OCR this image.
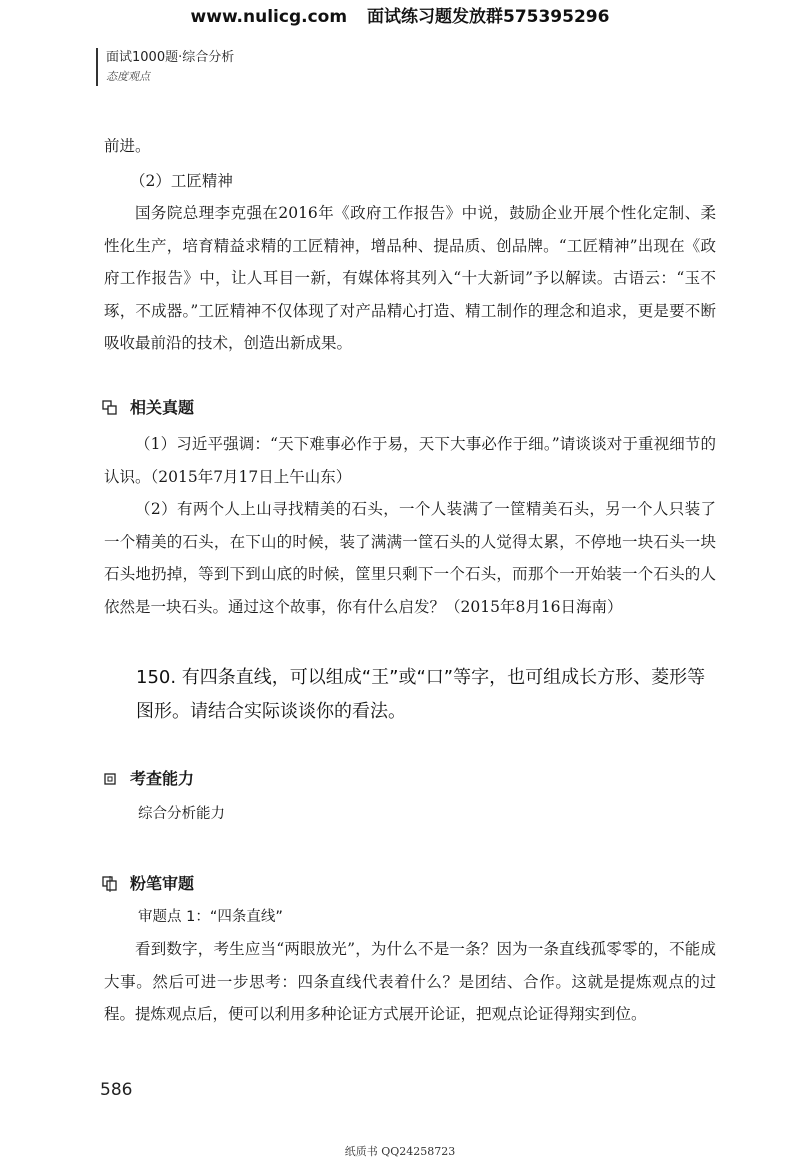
www.nulicg.com 面试练习题发放群575395296
面试1000题·综合分析
态度观点

前进。

（2）工匠精神

国务院总理李克强在2016年《政府工作报告》中说，鼓励企业开展个性化定制、柔性化生产，培育精益求精的工匠精神，增品种、提品质、创品牌。“工匠精神”出现在《政府工作报告》中，让人耳目一新，有媒体将其列入“十大新词”予以解读。古语云：“玉不琢，不成器。”工匠精神不仅体现了对产品精心打造、精工制作的理念和追求，更是要不断吸收最前沿的技术，创造出新成果。

相关真题

（1）习近平强调：“天下难事必作于易，天下大事必作于细。”请谈谈对于重视细节的认识。（2015年7月17日上午山东）

（2）有两个人上山寻找精美的石头，一个人装满了一筐精美石头，另一个人只装了一个精美的石头，在下山的时候，装了满满一筐石头的人觉得太累，不停地一块石头一块石头地扔掉，等到下到山底的时候，筐里只剩下一个石头，而那个一开始装一个石头的人依然是一块石头。通过这个故事，你有什么启发？（2015年8月16日海南）

150. 有四条直线，可以组成“王”或“口”等字，也可组成长方形、菱形等图形。请结合实际谈谈你的看法。

考查能力

综合分析能力

粉笔审题

审题点 1：“四条直线”

看到数字，考生应当“两眼放光”，为什么不是一条？因为一条直线孤零零的，不能成大事。然后可进一步思考：四条直线代表着什么？是团结、合作。这就是提炼观点的过程。提炼观点后，便可以利用多种论证方式展开论证，把观点论证得翔实到位。

586
纸质书 QQ24258723
